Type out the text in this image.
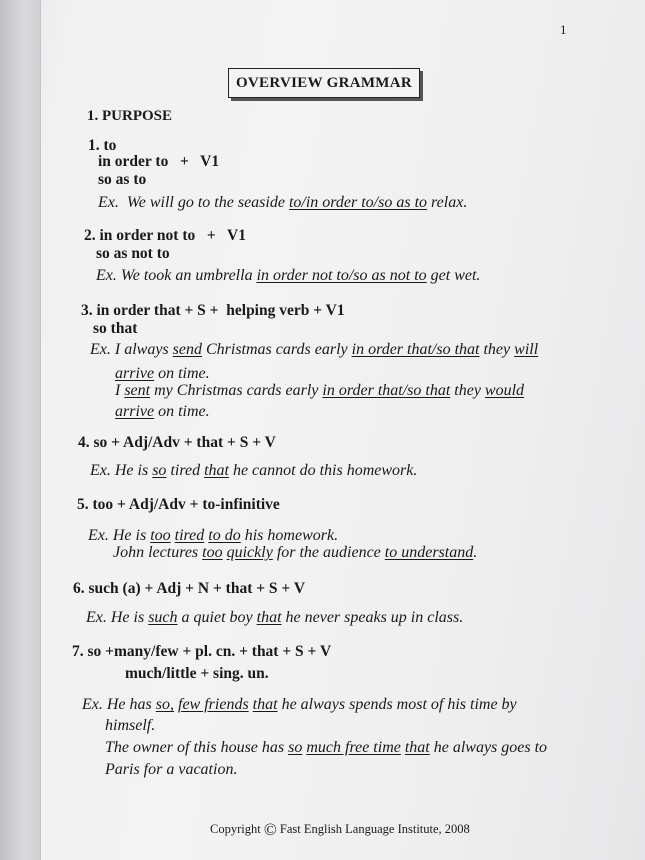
1
OVERVIEW GRAMMAR
1. PURPOSE
1. to
in order to   +   V1
so as to
Ex.  We will go to the seaside to/in order to/so as to relax.
2. in order not to   +   V1
so as not to
Ex. We took an umbrella in order not to/so as not to get wet.
3. in order that + S +  helping verb + V1
so that
Ex. I always send Christmas cards early in order that/so that they will
arrive on time.
I sent my Christmas cards early in order that/so that they would
arrive on time.
4. so + Adj/Adv + that + S + V
Ex. He is so tired that he cannot do this homework.
5. too + Adj/Adv + to-infinitive
Ex. He is too tired to do his homework.
John lectures too quickly for the audience to understand.
6. such (a) + Adj + N + that + S + V
Ex. He is such a quiet boy that he never speaks up in class.
7. so +many/few + pl. cn. + that + S + V
much/little + sing. un.
Ex. He has so, few friends that he always spends most of his time by
himself.
The owner of this house has so much free time that he always goes to
Paris for a vacation.
Copyright © Fast English Language Institute, 2008
